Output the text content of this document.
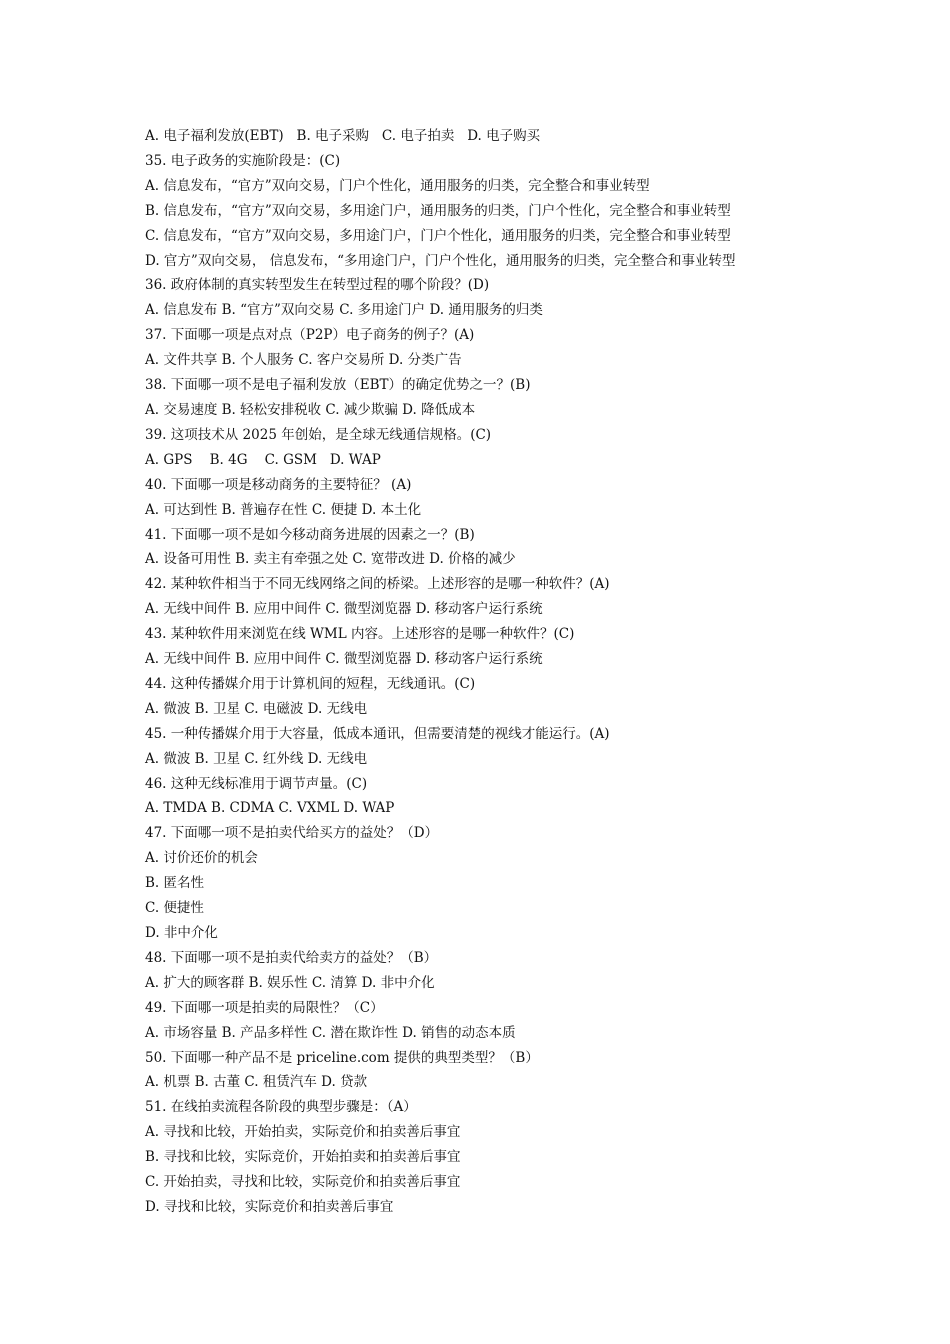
A. 电子福利发放(EBT)   B. 电子采购   C. 电子拍卖   D. 电子购买

35. 电子政务的实施阶段是：(C)

A. 信息发布，“官方”双向交易，门户个性化，通用服务的归类，完全整合和事业转型

B. 信息发布，“官方”双向交易，多用途门户，通用服务的归类，门户个性化，完全整合和事业转型

C. 信息发布，“官方”双向交易，多用途门户，门户个性化，通用服务的归类，完全整合和事业转型

D. 官方”双向交易， 信息发布，“多用途门户，门户个性化，通用服务的归类，完全整合和事业转型

36. 政府体制的真实转型发生在转型过程的哪个阶段？(D)

A. 信息发布 B. “官方”双向交易 C. 多用途门户 D. 通用服务的归类

37. 下面哪一项是点对点（P2P）电子商务的例子？(A)

A. 文件共享 B. 个人服务 C. 客户交易所 D. 分类广告

38. 下面哪一项不是电子福利发放（EBT）的确定优势之一？(B)

A. 交易速度 B. 轻松安排税收 C. 减少欺骗 D. 降低成本

39. 这项技术从 2025 年创始，是全球无线通信规格。(C)

A. GPS    B. 4G    C. GSM   D. WAP

40. 下面哪一项是移动商务的主要特征？ (A)

A. 可达到性 B. 普遍存在性 C. 便捷 D. 本土化

41. 下面哪一项不是如今移动商务进展的因素之一？(B)

A. 设备可用性 B. 卖主有牵强之处 C. 宽带改进 D. 价格的减少

42. 某种软件相当于不同无线网络之间的桥梁。上述形容的是哪一种软件？(A)

A. 无线中间件 B. 应用中间件 C. 微型浏览器 D. 移动客户运行系统

43. 某种软件用来浏览在线 WML 内容。上述形容的是哪一种软件？(C)

A. 无线中间件 B. 应用中间件 C. 微型浏览器 D. 移动客户运行系统

44. 这种传播媒介用于计算机间的短程，无线通讯。(C)

A. 微波 B. 卫星 C. 电磁波 D. 无线电

45. 一种传播媒介用于大容量，低成本通讯，但需要清楚的视线才能运行。(A)

A. 微波 B. 卫星 C. 红外线 D. 无线电

46. 这种无线标准用于调节声量。(C)

A. TMDA B. CDMA C. VXML D. WAP

47. 下面哪一项不是拍卖代给买方的益处？（D）

A. 讨价还价的机会

B. 匿名性

C. 便捷性

D. 非中介化

48. 下面哪一项不是拍卖代给卖方的益处？（B）

A. 扩大的顾客群 B. 娱乐性 C. 清算 D. 非中介化

49. 下面哪一项是拍卖的局限性？（C）

A. 市场容量 B. 产品多样性 C. 潜在欺诈性 D. 销售的动态本质

50. 下面哪一种产品不是 priceline.com 提供的典型类型？（B）

A. 机票 B. 古董 C. 租赁汽车 D. 贷款

51. 在线拍卖流程各阶段的典型步骤是：（A）

A. 寻找和比较，开始拍卖，实际竞价和拍卖善后事宜

B. 寻找和比较，实际竞价，开始拍卖和拍卖善后事宜

C. 开始拍卖，寻找和比较，实际竞价和拍卖善后事宜

D. 寻找和比较，实际竞价和拍卖善后事宜
